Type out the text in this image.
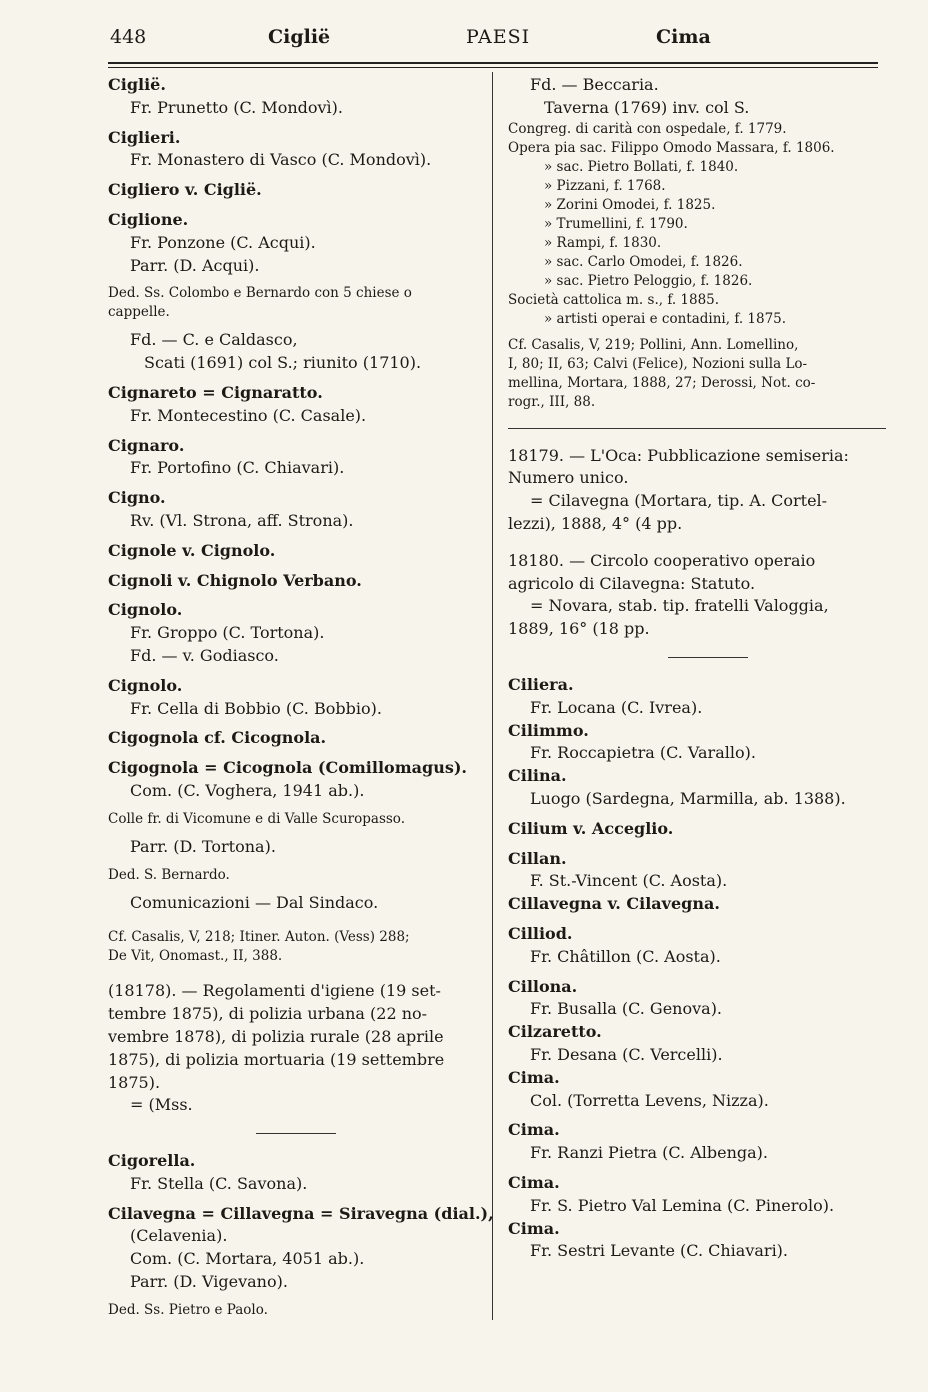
448	Ciglië	PAESI	Cima
Ciglië.
Fr. Prunetto (C. Mondovì).
Ciglieri.
Fr. Monastero di Vasco (C. Mondovì).
Cigliero v. Ciglië.
Ciglione.
Fr. Ponzone (C. Acqui).
Parr. (D. Acqui).
Ded. Ss. Colombo e Bernardo con 5 chiese o
cappelle.
Fd. — C. e Caldasco,
Scati (1691) col S.; riunito (1710).
Cignareto = Cignaratto.
Fr. Montecestino (C. Casale).
Cignaro.
Fr. Portofino (C. Chiavari).
Cigno.
Rv. (Vl. Strona, aff. Strona).
Cignole v. Cignolo.
Cignoli v. Chignolo Verbano.
Cignolo.
Fr. Groppo (C. Tortona).
Fd. — v. Godiasco.
Cignolo.
Fr. Cella di Bobbio (C. Bobbio).
Cigognola cf. Cicognola.
Cigognola = Cicognola (Comillomagus).
Com. (C. Voghera, 1941 ab.).
Colle fr. di Vicomune e di Valle Scuropasso.
Parr. (D. Tortona).
Ded. S. Bernardo.
Comunicazioni — Dal Sindaco.
Cf. Casalis, V, 218; Itiner. Auton. (Vess) 288;
De Vit, Onomast., II, 388.
(18178). — Regolamenti d'igiene (19 set-
tembre 1875), di polizia urbana (22 no-
vembre 1878), di polizia rurale (28 aprile
1875), di polizia mortuaria (19 settembre
1875).
= (Mss.
Cigorella.
Fr. Stella (C. Savona).
Cilavegna = Cillavegna = Siravegna (dial.),
(Celavenia).
Com. (C. Mortara, 4051 ab.).
Parr. (D. Vigevano).
Ded. Ss. Pietro e Paolo.
Fd. — Beccaria.
Taverna (1769) inv. col S.
Congreg. di carità con ospedale, f. 1779.
Opera pia sac. Filippo Omodo Massara, f. 1806.
» sac. Pietro Bollati, f. 1840.
» Pizzani, f. 1768.
» Zorini Omodei, f. 1825.
» Trumellini, f. 1790.
» Rampi, f. 1830.
» sac. Carlo Omodei, f. 1826.
» sac. Pietro Peloggio, f. 1826.
Società cattolica m. s., f. 1885.
» artisti operai e contadini, f. 1875.
Cf. Casalis, V, 219; Pollini, Ann. Lomellino,
I, 80; II, 63; Calvi (Felice), Nozioni sulla Lo-
mellina, Mortara, 1888, 27; Derossi, Not. co-
rogr., III, 88.
18179. — L'Oca: Pubblicazione semiseria:
Numero unico.
= Cilavegna (Mortara, tip. A. Cortel-
lezzi), 1888, 4° (4 pp.
18180. — Circolo cooperativo operaio
agricolo di Cilavegna: Statuto.
= Novara, stab. tip. fratelli Valoggia,
1889, 16° (18 pp.
Ciliera.
Fr. Locana (C. Ivrea).
Cilimmo.
Fr. Roccapietra (C. Varallo).
Cilina.
Luogo (Sardegna, Marmilla, ab. 1388).
Cilium v. Acceglio.
Cillan.
F. St.-Vincent (C. Aosta).
Cillavegna v. Cilavegna.
Cilliod.
Fr. Châtillon (C. Aosta).
Cillona.
Fr. Busalla (C. Genova).
Cilzaretto.
Fr. Desana (C. Vercelli).
Cima.
Col. (Torretta Levens, Nizza).
Cima.
Fr. Ranzi Pietra (C. Albenga).
Cima.
Fr. S. Pietro Val Lemina (C. Pinerolo).
Cima.
Fr. Sestri Levante (C. Chiavari).
